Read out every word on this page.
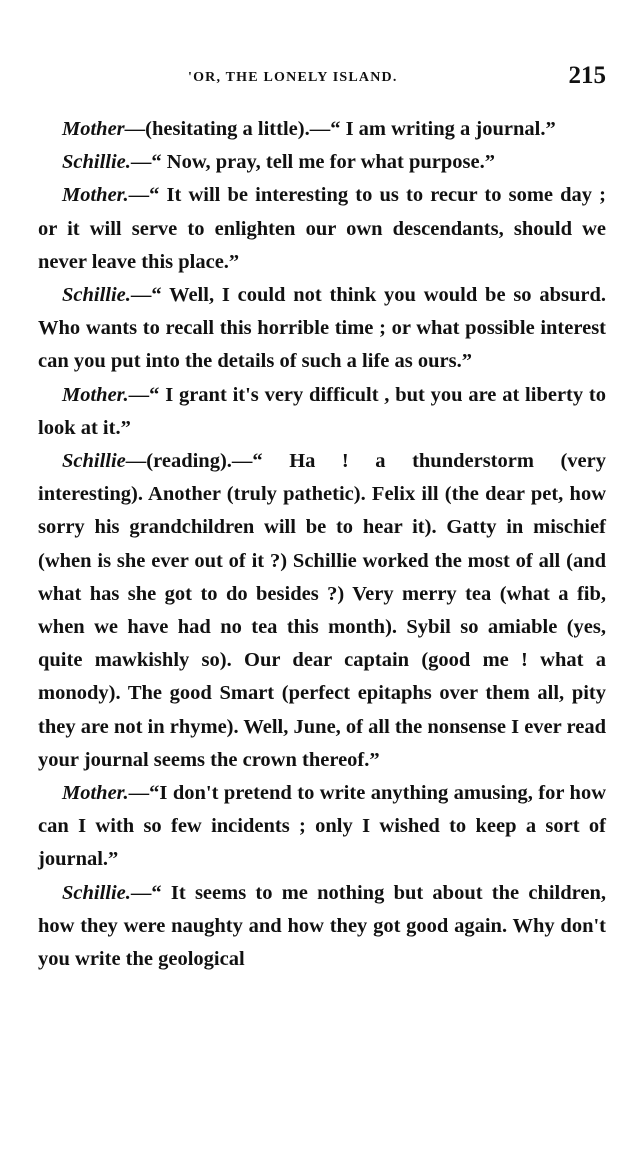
'OR, THE LONELY ISLAND.	215

Mother—(hesitating a little).—“ I am writing a journal.”

Schillie.—“ Now, pray, tell me for what purpose.”

Mother.—“ It will be interesting to us to recur to some day ; or it will serve to enlighten our own descendants, should we never leave this place.”

Schillie.—“ Well, I could not think you would be so absurd. Who wants to recall this horrible time ; or what possible interest can you put into the details of such a life as ours.”

Mother.—“ I grant it's very difficult , but you are at liberty to look at it.”

Schillie—(reading).—“ Ha ! a thunderstorm (very interesting). Another (truly pathetic). Felix ill (the dear pet, how sorry his grandchildren will be to hear it). Gatty in mischief (when is she ever out of it ?) Schillie worked the most of all (and what has she got to do besides ?) Very merry tea (what a fib, when we have had no tea this month). Sybil so amiable (yes, quite mawkishly so). Our dear captain (good me ! what a monody). The good Smart (perfect epitaphs over them all, pity they are not in rhyme). Well, June, of all the nonsense I ever read your journal seems the crown thereof.”

Mother.—“I don't pretend to write anything amusing, for how can I with so few incidents ; only I wished to keep a sort of journal.”

Schillie.—“ It seems to me nothing but about the children, how they were naughty and how they got good again. Why don't you write the geological
